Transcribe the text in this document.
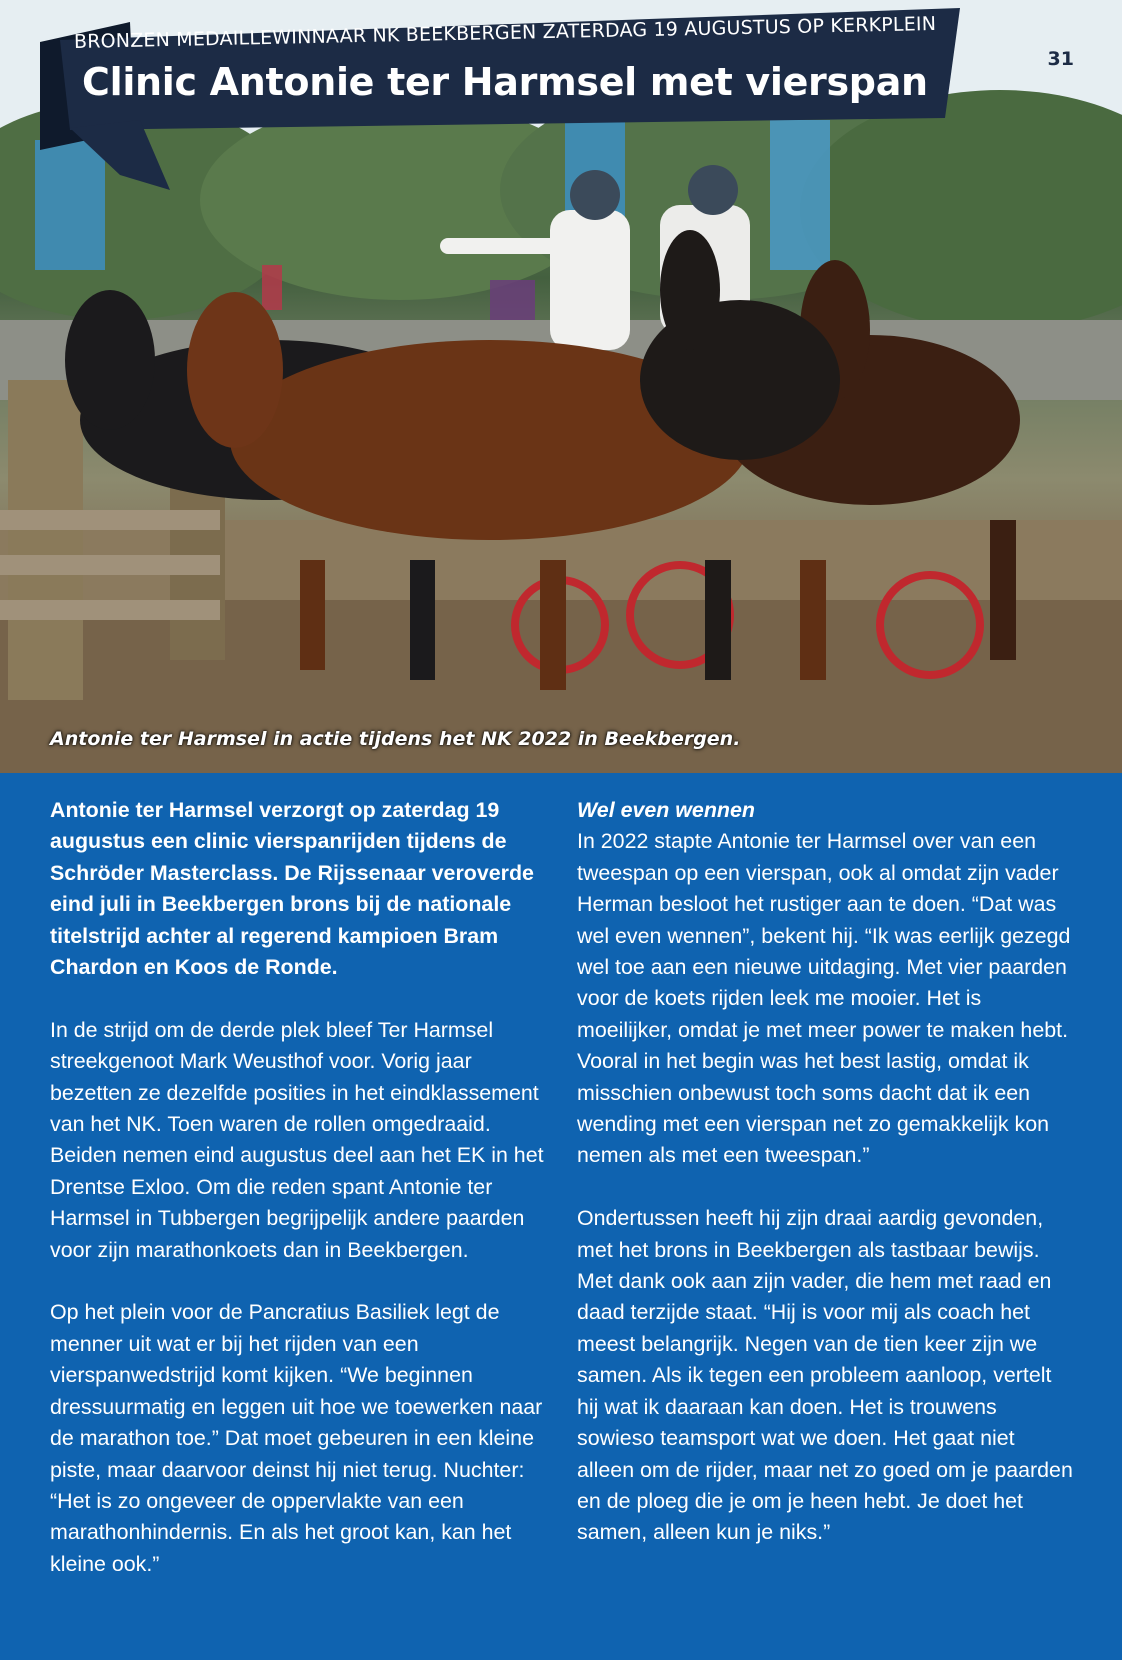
Antonie ter Harmsel in actie tijdens het NK 2022 in Beekbergen.
BRONZEN MEDAILLEWINNAAR NK BEEKBERGEN ZATERDAG 19 AUGUSTUS OP KERKPLEIN
Clinic Antonie ter Harmsel met vierspan
31

Antonie ter Harmsel verzorgt op zaterdag 19 augustus een clinic vierspanrijden tijdens de Schröder Masterclass. De Rijssenaar veroverde eind juli in Beekbergen brons bij de nationale titelstrijd achter al regerend kampioen Bram Chardon en Koos de Ronde.

In de strijd om de derde plek bleef Ter Harmsel streekgenoot Mark Weusthof voor. Vorig jaar bezetten ze dezelfde posities in het eindklassement van het NK. Toen waren de rollen omgedraaid. Beiden nemen eind augustus deel aan het EK in het Drentse Exloo. Om die reden spant Antonie ter Harmsel in Tubbergen begrijpelijk andere paarden voor zijn marathonkoets dan in Beekbergen.

Op het plein voor de Pancratius Basiliek legt de menner uit wat er bij het rijden van een vierspanwedstrijd komt kijken. “We beginnen dressuurmatig en leggen uit hoe we toewerken naar de marathon toe.” Dat moet gebeuren in een kleine piste, maar daarvoor deinst hij niet terug. Nuchter: “Het is zo ongeveer de oppervlakte van een marathonhindernis. En als het groot kan, kan het kleine ook.”

Wel even wennen

In 2022 stapte Antonie ter Harmsel over van een tweespan op een vierspan, ook al omdat zijn vader Herman besloot het rustiger aan te doen. “Dat was wel even wennen”, bekent hij. “Ik was eerlijk gezegd wel toe aan een nieuwe uitdaging. Met vier paarden voor de koets rijden leek me mooier. Het is moeilijker, omdat je met meer power te maken hebt. Vooral in het begin was het best lastig, omdat ik misschien onbewust toch soms dacht dat ik een wending met een vierspan net zo gemakkelijk kon nemen als met een tweespan.”

Ondertussen heeft hij zijn draai aardig gevonden, met het brons in Beekbergen als tastbaar bewijs. Met dank ook aan zijn vader, die hem met raad en daad terzijde staat. “Hij is voor mij als coach het meest belangrijk. Negen van de tien keer zijn we samen. Als ik tegen een probleem aanloop, vertelt hij wat ik daaraan kan doen. Het is trouwens sowieso teamsport wat we doen. Het gaat niet alleen om de rijder, maar net zo goed om je paarden en de ploeg die je om je heen hebt. Je doet het samen, alleen kun je niks.”
